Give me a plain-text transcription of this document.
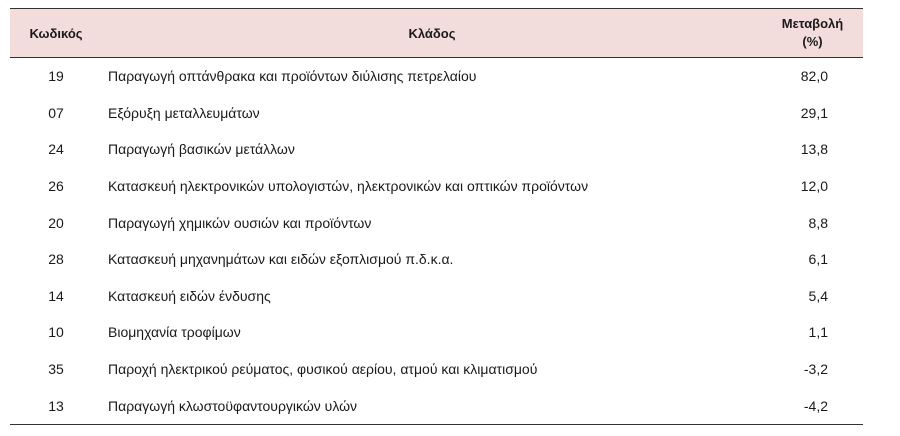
Κωδικός	Κλάδος	Μεταβολή
(%)
19	Παραγωγή οπτάνθρακα και προϊόντων διύλισης πετρελαίου	82,0
07	Εξόρυξη μεταλλευμάτων	29,1
24	Παραγωγή βασικών μετάλλων	13,8
26	Κατασκευή ηλεκτρονικών υπολογιστών, ηλεκτρονικών και οπτικών προϊόντων	12,0
20	Παραγωγή χημικών ουσιών και προϊόντων	8,8
28	Κατασκευή μηχανημάτων και ειδών εξοπλισμού π.δ.κ.α.	6,1
14	Κατασκευή ειδών ένδυσης	5,4
10	Βιομηχανία τροφίμων	1,1
35	Παροχή ηλεκτρικού ρεύματος, φυσικού αερίου, ατμού και κλιματισμού	-3,2
13	Παραγωγή κλωστοϋφαντουργικών υλών	-4,2
